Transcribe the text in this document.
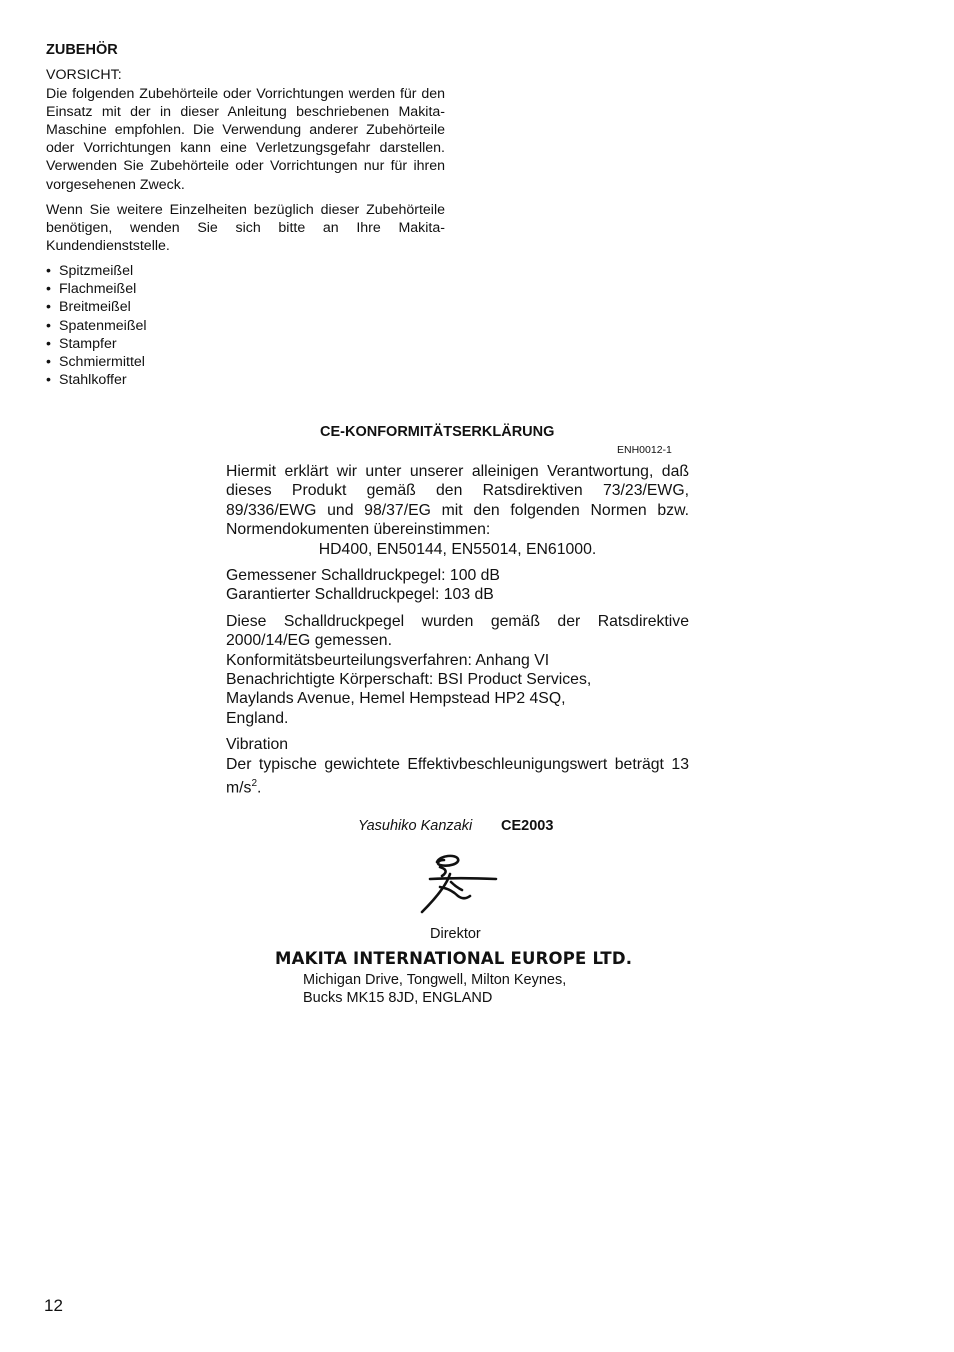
ZUBEHÖR
VORSICHT:

Die folgenden Zubehörteile oder Vorrichtungen werden für den Einsatz mit der in dieser Anleitung beschriebenen Makita-Maschine empfohlen. Die Verwendung anderer Zubehörteile oder Vorrichtungen kann eine Verletzungsgefahr darstellen. Verwenden Sie Zubehörteile oder Vorrichtungen nur für ihren vorgesehenen Zweck.

Wenn Sie weitere Einzelheiten bezüglich dieser Zubehörteile benötigen, wenden Sie sich bitte an Ihre Makita-Kundendienststelle.

• Spitzmeißel
• Flachmeißel
• Breitmeißel
• Spatenmeißel
• Stampfer
• Schmiermittel
• Stahlkoffer
CE-KONFORMITÄTSERKLÄRUNG
ENH0012-1

Hiermit erklärt wir unter unserer alleinigen Verantwortung, daß dieses Produkt gemäß den Ratsdirektiven 73/23/EWG, 89/336/EWG und 98/37/EG mit den folgenden Normen bzw. Normendokumenten übereinstimmen:

HD400, EN50144, EN55014, EN61000.

Gemessener Schalldruckpegel: 100 dB

Garantierter Schalldruckpegel: 103 dB

Diese Schalldruckpegel wurden gemäß der Ratsdirektive 2000/14/EG gemessen.

Konformitätsbeurteilungsverfahren: Anhang VI

Benachrichtigte Körperschaft: BSI Product Services,

Maylands Avenue, Hemel Hempstead HP2 4SQ,

England.

Vibration

Der typische gewichtete Effektivbeschleunigungswert beträgt 13 $m/s^2$.

Yasuhiko Kanzaki CE2003
Direktor
MAKITA INTERNATIONAL EUROPE LTD.
Michigan Drive, Tongwell, Milton Keynes,
Bucks MK15 8JD, ENGLAND
12
